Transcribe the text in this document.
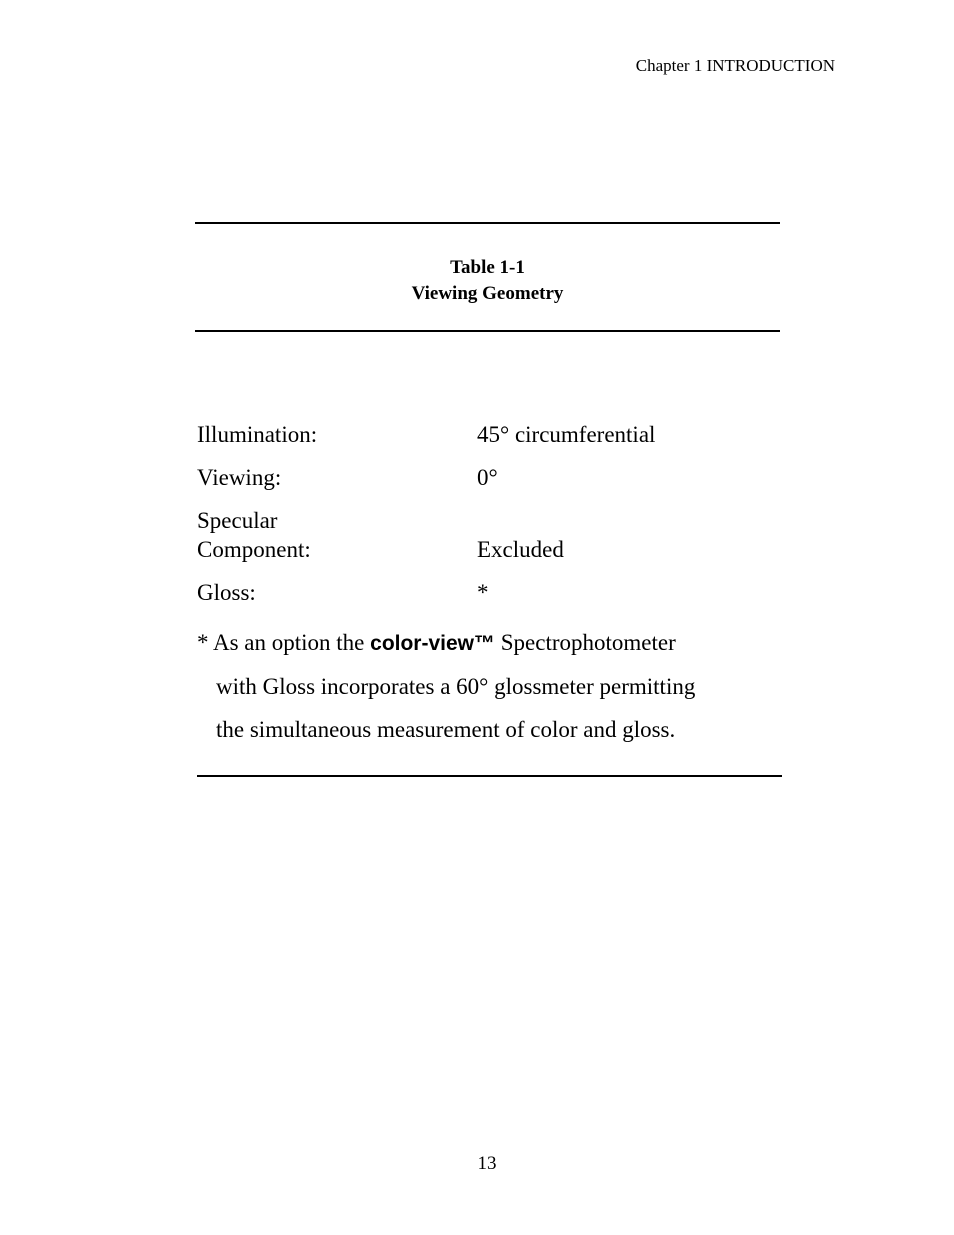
Chapter 1 INTRODUCTION
Table 1-1
Viewing Geometry
Illumination:	45° circumferential
Viewing:	0°
Specular
Component:	Excluded
Gloss:	*
* As an option the color-view™ Spectrophotometer
with Gloss incorporates a 60° glossmeter permitting
the simultaneous measurement of color and gloss.
13
